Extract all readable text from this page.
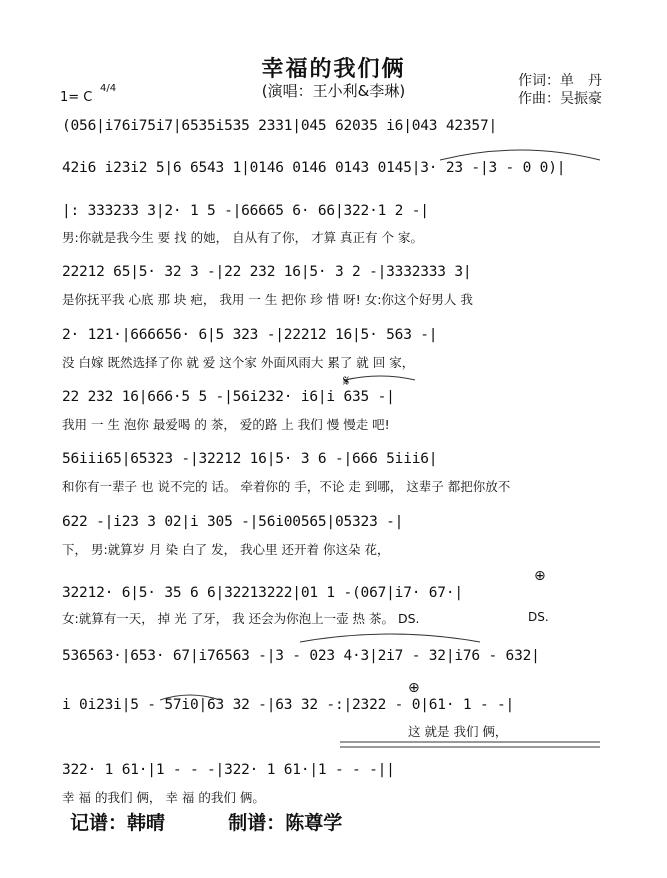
幸福的我们俩
(演唱：王小利&李琳)
作词：单　丹
作曲：吴振豪
1= C
4/4
(056|i76i75i7|6535i535 2331|045 62035 i6|043 42357|
42i6 i23i2 5|6 6543 1|0146 0146 0143 0145|3· 23 -|3 - 0 0)|
|: 333233 3|2· 1 5 -|66665 6· 66|322·1 2 -|
男:你就是我今生 要 找 的她， 自从有了你， 才算 真正有 个 家。
22212 65|5· 32 3 -|22 232 16|5· 3 2 -|3332333 3|
是你抚平我 心底 那 块 疤， 我用 一 生 把你 珍 惜 呀! 女:你这个好男人 我
2· 121·|666656· 6|5 323 -|22212 16|5· 563 -|
没 白嫁 既然选择了你 就 爱 这个家 外面风雨大 累了 就 回 家，
22 232 16|666·5 5 -|56i232· i6|i 635 -|
我用 一 生 泡你 最爱喝 的 茶， 爱的路 上 我们 慢 慢走 吧!
56iii65|65323 -|32212 16|5· 3 6 -|666 5iii6|
和你有一辈子 也 说不完的 话。 牵着你的 手，不论 走 到哪， 这辈子 都把你放不
622 -|i23 3 02|i 305 -|56i00565|05323 -|
下， 男:就算岁 月 染 白了 发， 我心里 还开着 你这朵 花，
32212· 6|5· 35 6 6|32213222|01 1 -(067|i7· 67·|
女:就算有一天， 掉 光 了牙， 我 还会为你泡上一壶 热 茶。 DS.
536563·|653· 67|i76563 -|3 - 023 4·3|2i7 - 32|i76 - 632|
i 0i23i|5 - 57i0|63 32 -|63 32 -:|2322 - 0|61· 1 - -|
这 就是 我们 俩，
322· 1 61·|1 - - -|322· 1 61·|1 - - -||
幸 福 的我们 俩， 幸 福 的我们 俩。
𝄋
⊕
⊕
DS.
记谱：韩晴	制谱：陈尊学
